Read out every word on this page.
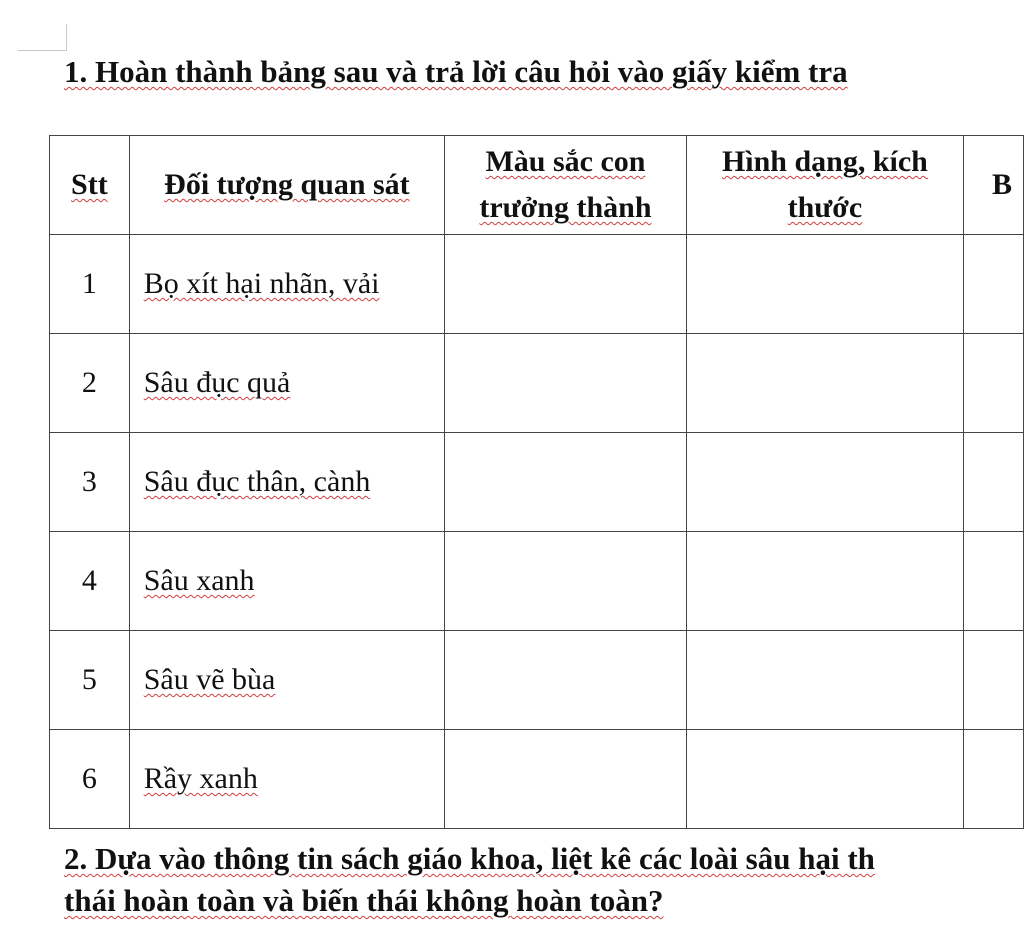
1. Hoàn thành bảng sau và trả lời câu hỏi vào giấy kiểm tra
Stt	Đối tượng quan sát	Màu sắc con trưởng thành	Hình dạng, kích thước	B
1	Bọ xít hại nhãn, vải			
2	Sâu đục quả			
3	Sâu đục thân, cành			
4	Sâu xanh			
5	Sâu vẽ bùa			
6	Rầy xanh			
2. Dựa vào thông tin sách giáo khoa, liệt kê các loài sâu hại th
thái hoàn toàn và biến thái không hoàn toàn?
